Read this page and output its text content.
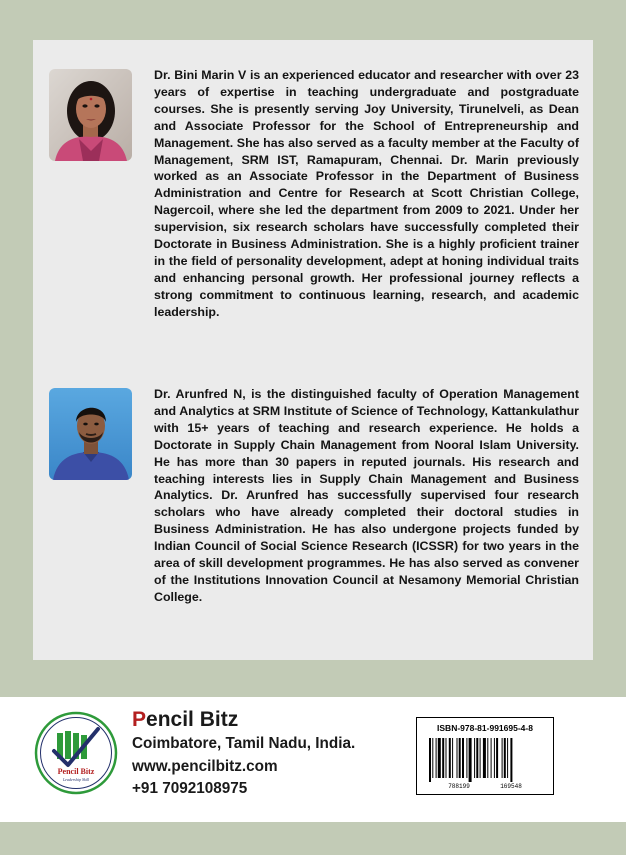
Dr. Bini Marin V is an experienced educator and researcher with over 23 years of expertise in teaching undergraduate and postgraduate courses. She is presently serving Joy University, Tirunelveli, as Dean and Associate Professor for the School of Entrepreneurship and Management. She has also served as a faculty member at the Faculty of Management, SRM IST, Ramapuram, Chennai. Dr. Marin previously worked as an Associate Professor in the Department of Business Administration and Centre for Research at Scott Christian College, Nagercoil, where she led the department from 2009 to 2021. Under her supervision, six research scholars have successfully completed their Doctorate in Business Administration. She is a highly proficient trainer in the field of personality development, adept at honing individual traits and enhancing personal growth. Her professional journey reflects a strong commitment to continuous learning, research, and academic leadership.

Dr. Arunfred N, is the distinguished faculty of Operation Management and Analytics at SRM Institute of Science of Technology, Kattankulathur with 15+ years of teaching and research experience. He holds a Doctorate in Supply Chain Management from Nooral Islam University. He has more than 30 papers in reputed journals. His research and teaching interests lies in Supply Chain Management and Business Analytics. Dr. Arunfred has successfully supervised four research scholars who have already completed their doctoral studies in Business Administration. He has also undergone projects funded by Indian Council of Social Science Research (ICSSR) for two years in the area of skill development programmes. He has also served as convener of the Institutions Innovation Council at Nesamony Memorial Christian College.

Pencil Bitz
Leadership Skill
Pencil Bitz
Coimbatore, Tamil Nadu, India.
www.pencilbitz.com
+91 7092108975
ISBN-978-81-991695-4-8
788199	169548
